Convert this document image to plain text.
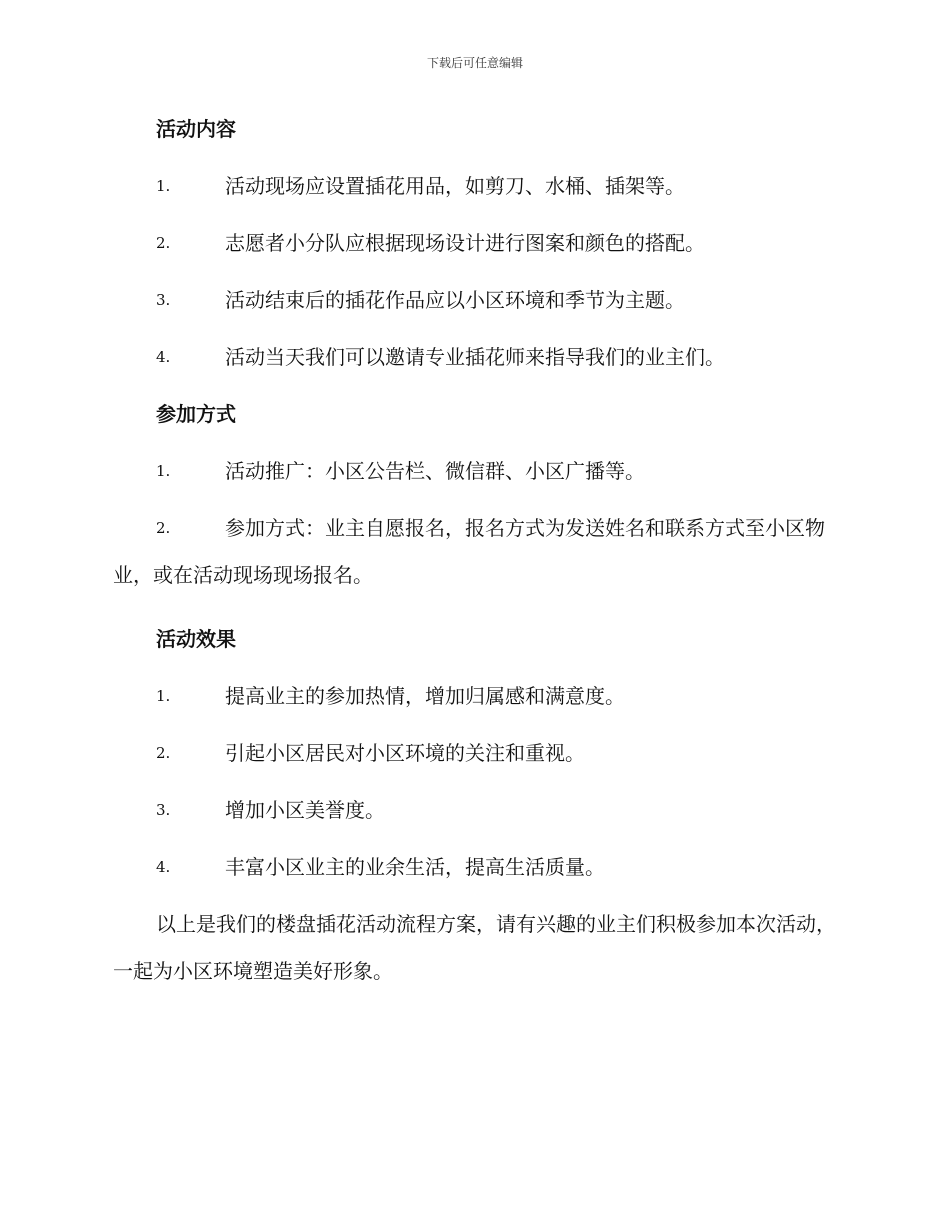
下载后可任意编辑
活动内容
1.	活动现场应设置插花用品，如剪刀、水桶、插架等。
2.	志愿者小分队应根据现场设计进行图案和颜色的搭配。
3.	活动结束后的插花作品应以小区环境和季节为主题。
4.	活动当天我们可以邀请专业插花师来指导我们的业主们。
参加方式
1.	活动推广：小区公告栏、微信群、小区广播等。
2.	参加方式：业主自愿报名，报名方式为发送姓名和联系方式至小区物业，或在活动现场现场报名。
活动效果
1.	提高业主的参加热情，增加归属感和满意度。
2.	引起小区居民对小区环境的关注和重视。
3.	增加小区美誉度。
4.	丰富小区业主的业余生活，提高生活质量。

以上是我们的楼盘插花活动流程方案，请有兴趣的业主们积极参加本次活动，一起为小区环境塑造美好形象。
